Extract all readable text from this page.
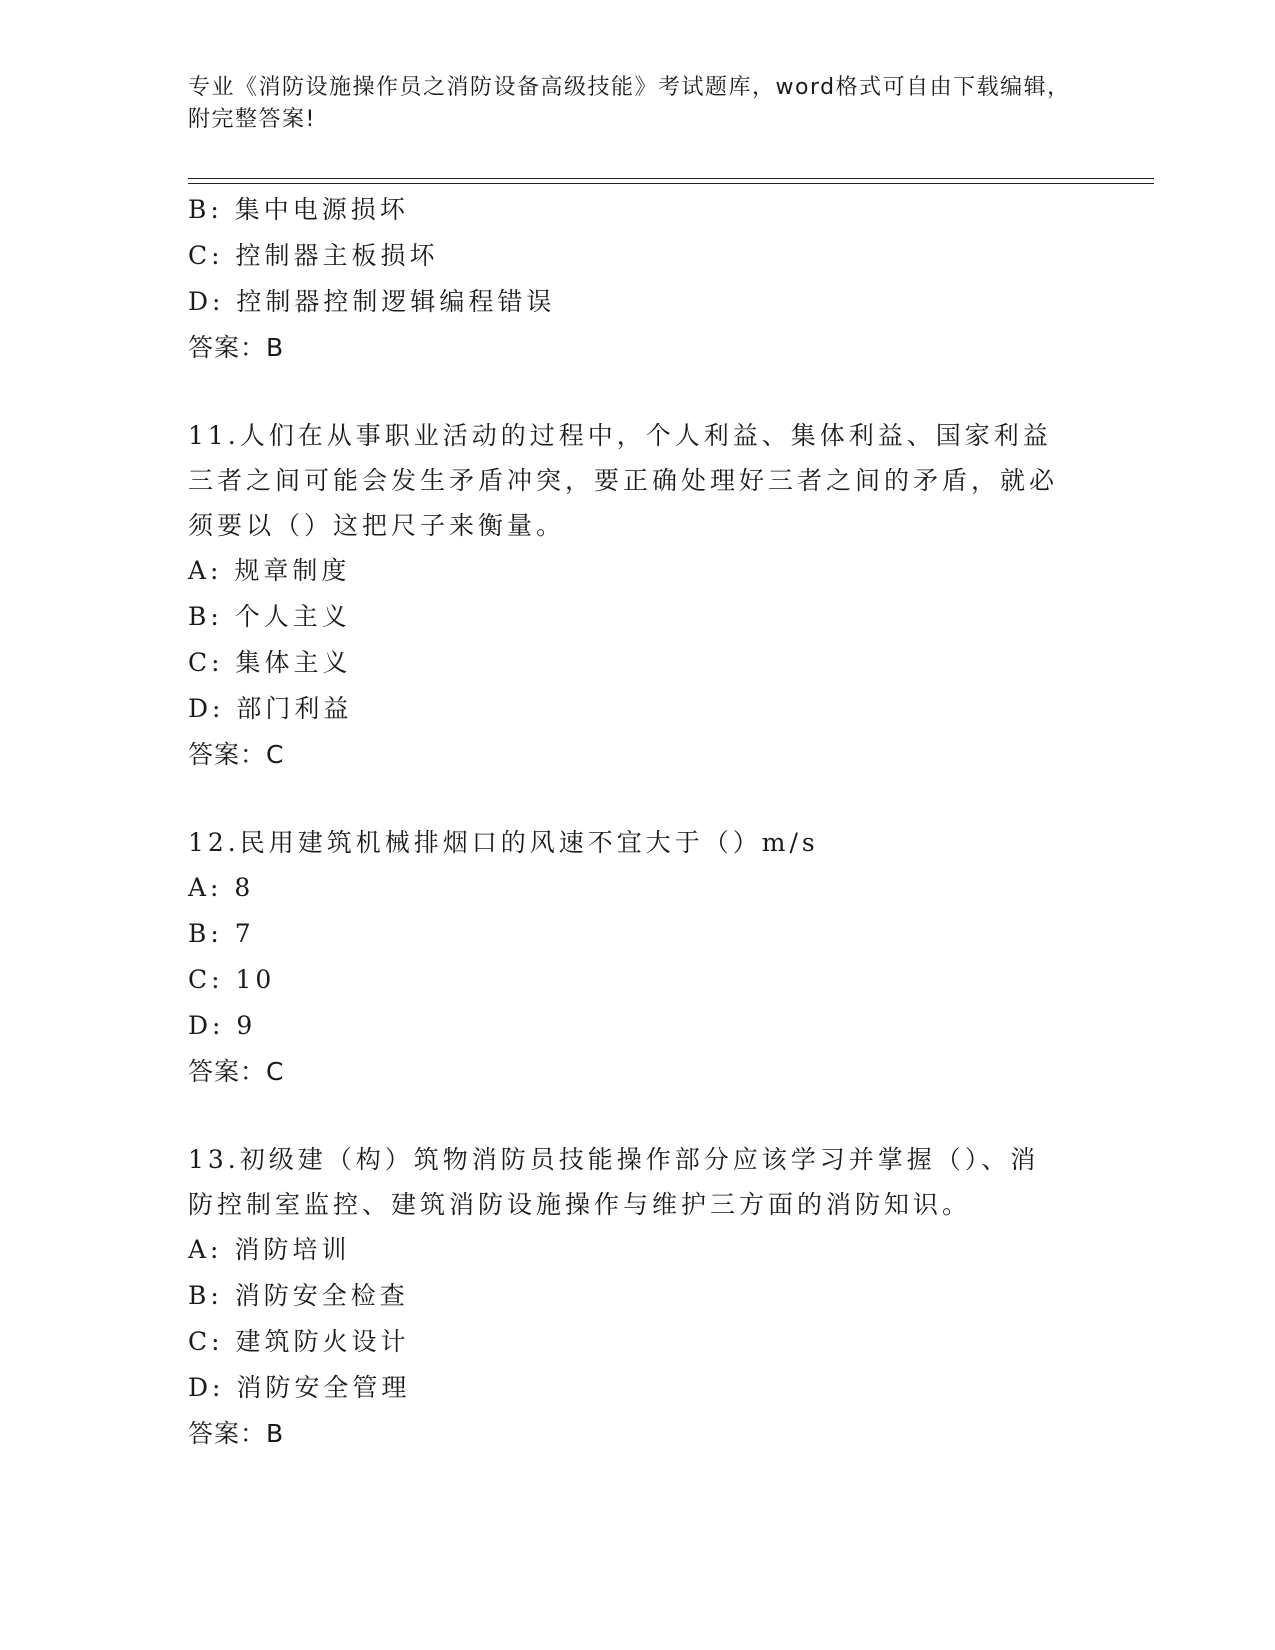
专业《消防设施操作员之消防设备高级技能》考试题库，word格式可自由下载编辑，附完整答案!
B: 集中电源损坏
C: 控制器主板损坏
D: 控制器控制逻辑编程错误
答案：B
11.人们在从事职业活动的过程中，个人利益、集体利益、国家利益三者之间可能会发生矛盾冲突，要正确处理好三者之间的矛盾，就必须要以（）这把尺子来衡量。
A: 规章制度
B: 个人主义
C: 集体主义
D: 部门利益
答案：C
12.民用建筑机械排烟口的风速不宜大于（）m/s
A: 8
B: 7
C: 10
D: 9
答案：C
13.初级建（构）筑物消防员技能操作部分应该学习并掌握（）、消防控制室监控、建筑消防设施操作与维护三方面的消防知识。
A: 消防培训
B: 消防安全检查
C: 建筑防火设计
D: 消防安全管理
答案：B
